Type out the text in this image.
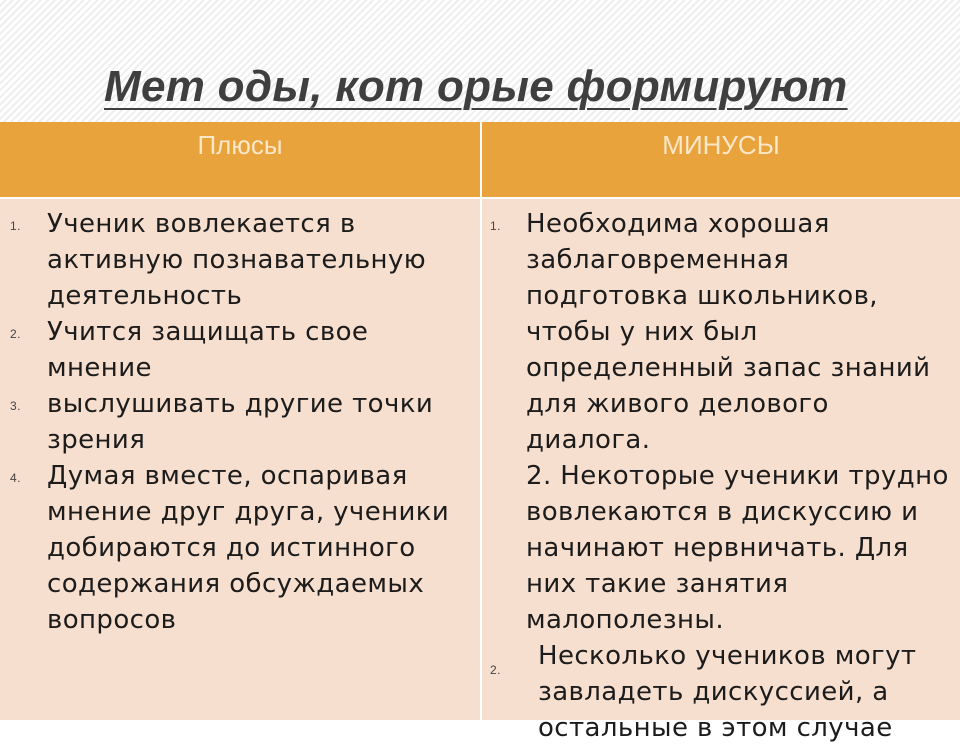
Мет оды, кот орые формируют
Плюсы	МИНУСЫ
1. Ученик вовлекается в активную познавательную деятельность
2. Учится защищать свое мнение
3. выслушивать другие точки зрения
4. Думая вместе, оспаривая мнение друг друга, ученики добираются до истинного содержания обсуждаемых вопросов
1. Необходима хорошая заблаговременная подготовка школьников, чтобы у них был определенный запас знаний для живого делового диалога.
2. Некоторые ученики трудно вовлекаются в дискуссию и начинают нервничать. Для них такие занятия малополезны.
2. Несколько учеников могут завладеть дискуссией, а остальные в этом случае
